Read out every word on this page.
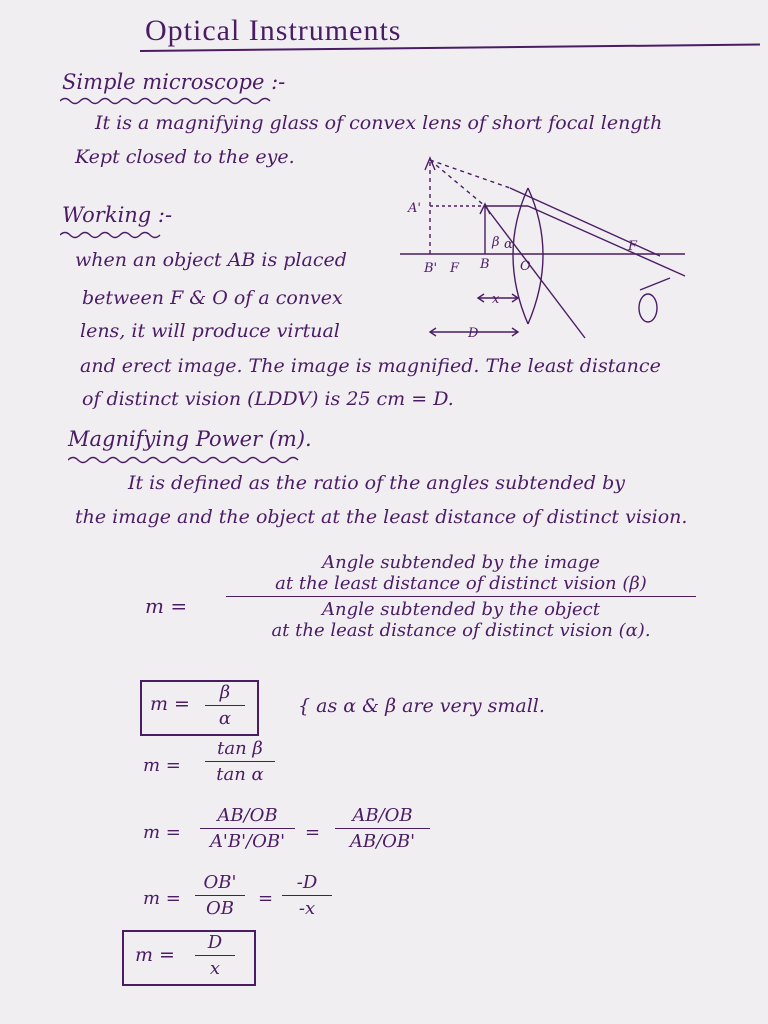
Optical Instruments
Simple microscope :-
It is a magnifying glass of convex lens of short focal length
Kept closed to the eye.
Working :-
when an object AB is placed
between F & O of a convex
lens, it will produce virtual
and erect image. The image is magnified. The least distance
of distinct vision (LDDV) is 25 cm = D.
A'
B' F B O
F
β α
x
D
Magnifying Power (m).
It is defined as the ratio of the angles subtended by
the image and the object at the least distance of distinct vision.
m =
Angle subtended by the image
at the least distance of distinct vision (β)
Angle subtended by the object
at the least distance of distinct vision (α).
m =
β
α
{ as α & β are very small.
m =
tan β
tan α
m =
AB/OB
A'B'/OB'	=
AB/OB
AB/OB'
m =
OB'
OB	=
-D
-x
m =
D
x
